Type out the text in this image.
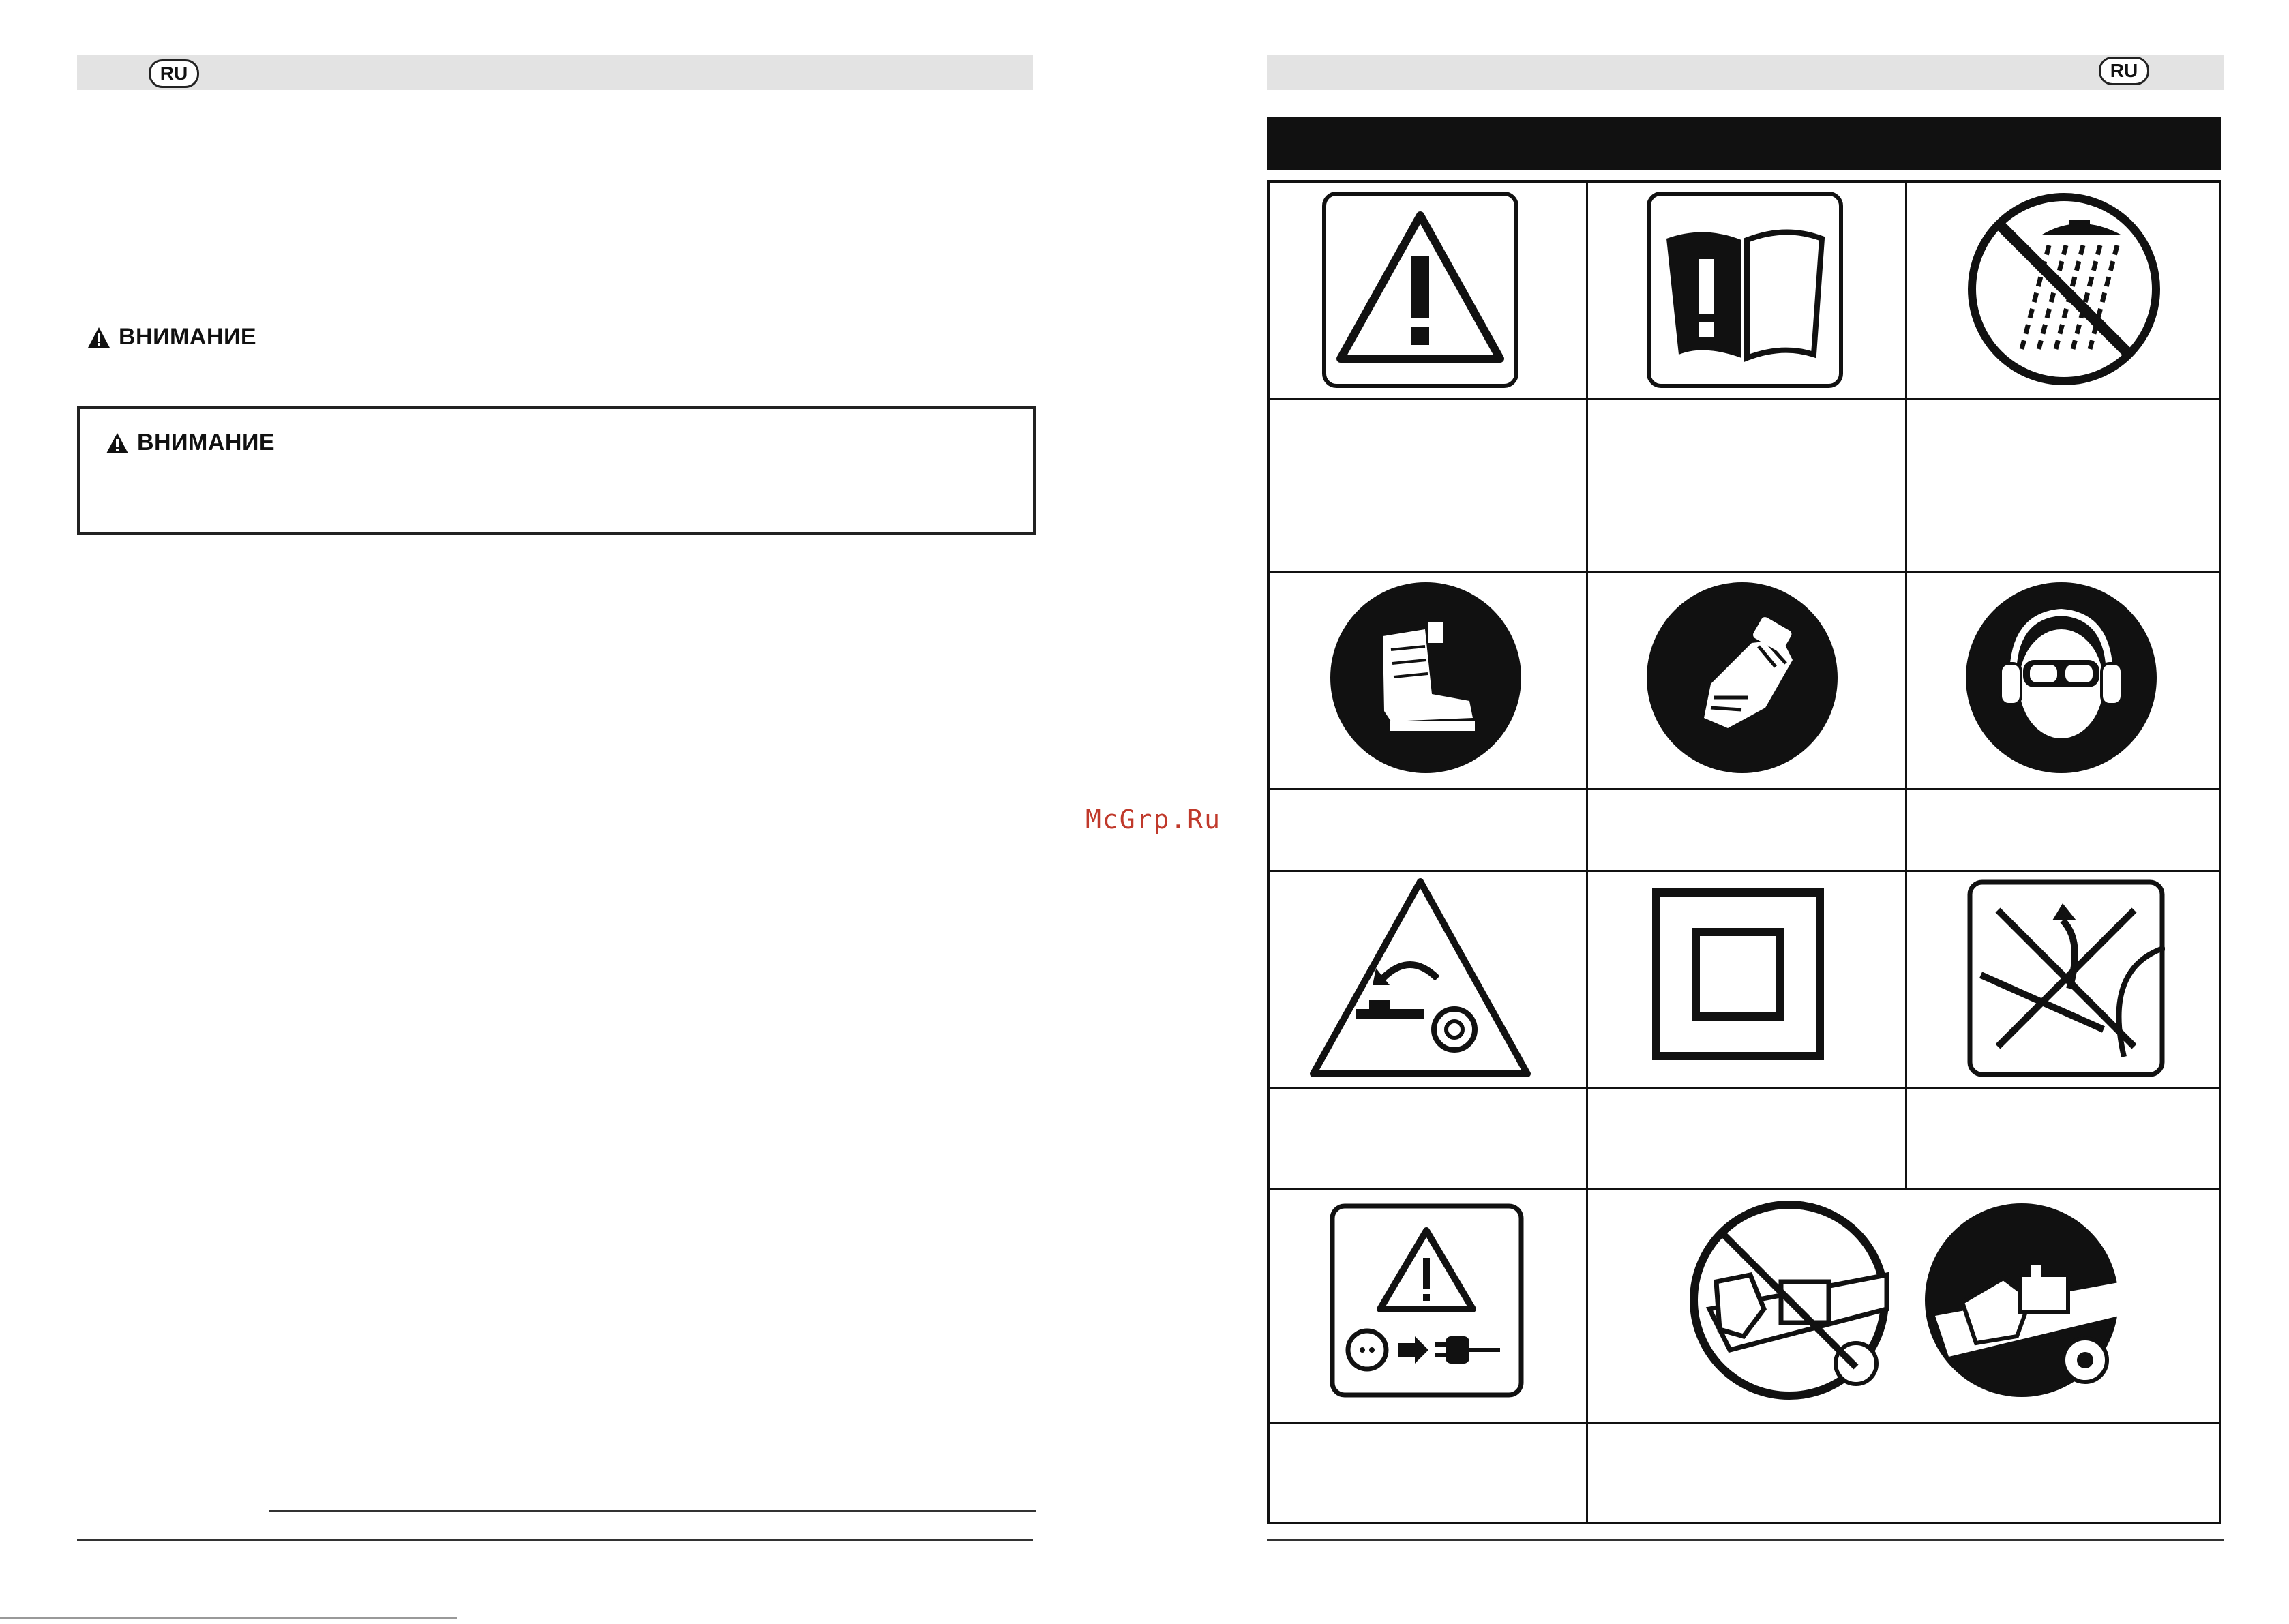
RU
ВНИМАНИЕ
ВНИМАНИЕ
McGrp.Ru
RU
